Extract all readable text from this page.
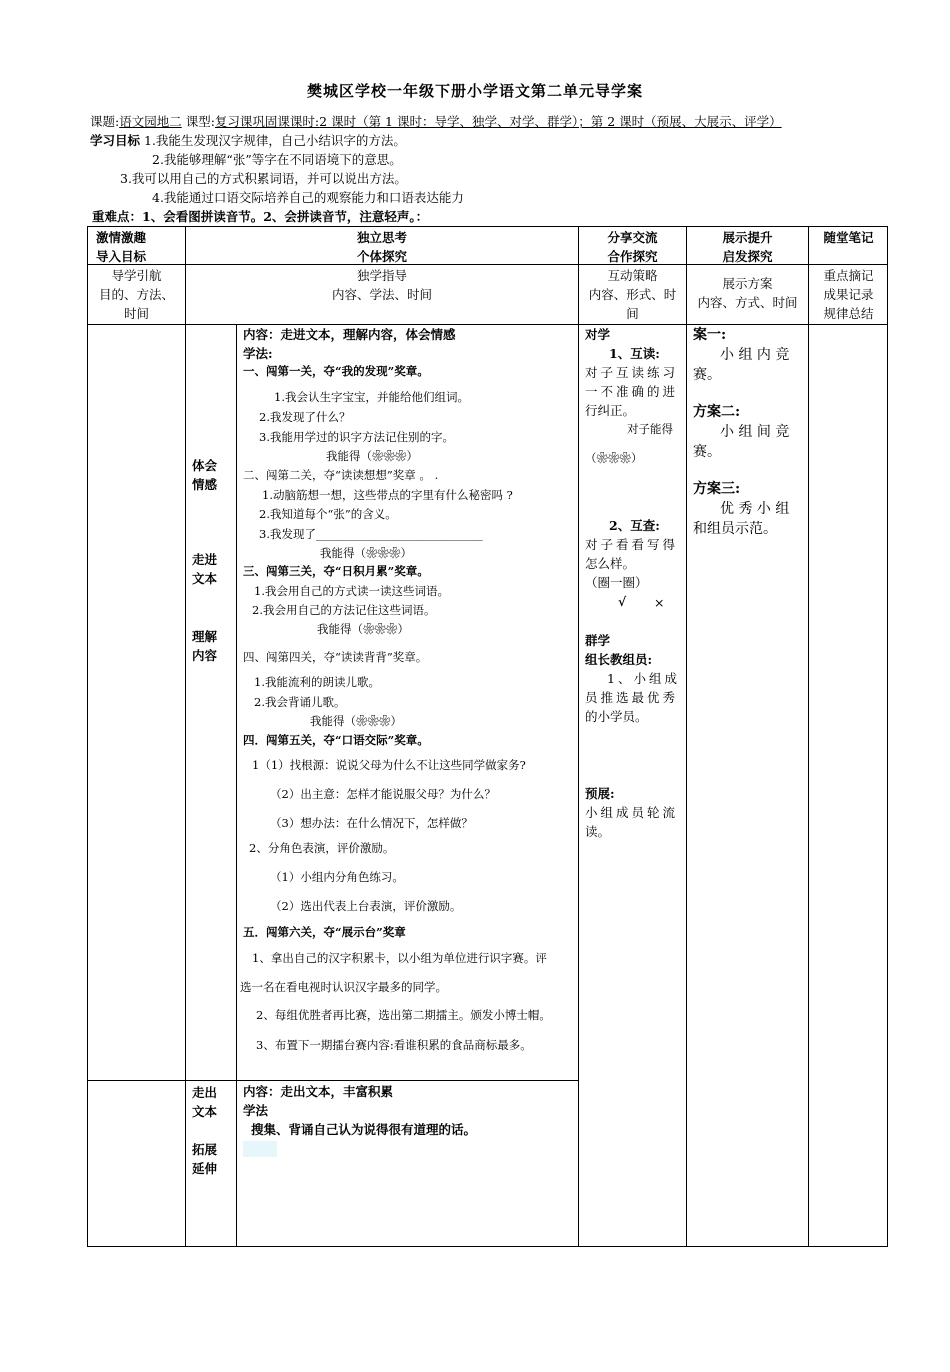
樊城区学校一年级下册小学语文第二单元导学案
课题:语文园地二 课型:复习课巩固课课时:2 课时（第 1 课时：导学、独学、对学、群学）；第 2 课时（预展、大展示、评学）
学习目标 1.我能生发现汉字规律，自己小结识字的方法。
2.我能够理解“张”等字在不同语境下的意思。
3.我可以用自己的方式积累词语，并可以说出方法。
4.我能通过口语交际培养自己的观察能力和口语表达能力
重难点：1、会看图拼读音节。2、会拼读音节，注意轻声。：
激情激趣
导入目标
独立思考
个体探究
分享交流
合作探究
展示提升
启发探究
随堂笔记
导学引航
目的、方法、
时间
独学指导
内容、学法、时间
互动策略
内容、形式、时
间
展示方案
内容、方式、时间
重点摘记
成果记录
规律总结
体会
情感
走进
文本
理解
内容
走出
文本
拓展
延伸
内容：走进文本，理解内容，体会情感
学法:
一、闯第一关，夺“我的发现”奖章。
1.我会认生字宝宝，并能给他们组词。
2.我发现了什么？
3.我能用学过的识字方法记住别的字。
我能得（❀❀❀）
二、闯第二关，夺“读读想想”奖章 。 .
1.动脑筋想一想，这些带点的字里有什么秘密吗 ?
2.我知道每个“张”的含义。
3.我发现了_____________________________
我能得（❀❀❀）
三、闯第三关，夺“日积月累”奖章。
1.我会用自己的方式读一读这些词语。
2.我会用自己的方法记住这些词语。
我能得（❀❀❀）
四、闯第四关，夺“读读背背”奖章。
1.我能流利的朗读儿歌。
2.我会背诵儿歌。
我能得（❀❀❀）
四．闯第五关，夺“口语交际”奖章。
1（1）找根源：说说父母为什么不让这些同学做家务?
（2）出主意：怎样才能说服父母？为什么？
（3）想办法：在什么情况下，怎样做？
2、分角色表演，评价激励。
（1）小组内分角色练习。
（2）选出代表上台表演，评价激励。
五．闯第六关，夺“展示台”奖章
1、拿出自己的汉字积累卡，以小组为单位进行识字赛。评
选一名在看电视时认识汉字最多的同学。
2、每组优胜者再比赛，选出第二期擂主。颁发小博士帽。
3、布置下一期擂台赛内容:看谁积累的食品商标最多。
内容：走出文本，丰富积累
学法
搜集、背诵自己认为说得很有道理的话。
对学
1、互读:
对子互读练习
一不准确的进
行纠正。
对子能得
（❀❀❀）
2、互查:
对子看看写得
怎么样。
（圈一圈）
√ ×
群学
组长教组员:
1、小组成
员推选最优秀
的小学员。
预展:
小组成员轮流
读。
案一:
小 组 内 竞
赛。
方案二:
小 组 间 竞
赛。
方案三:
优 秀 小 组
和组员示范。
